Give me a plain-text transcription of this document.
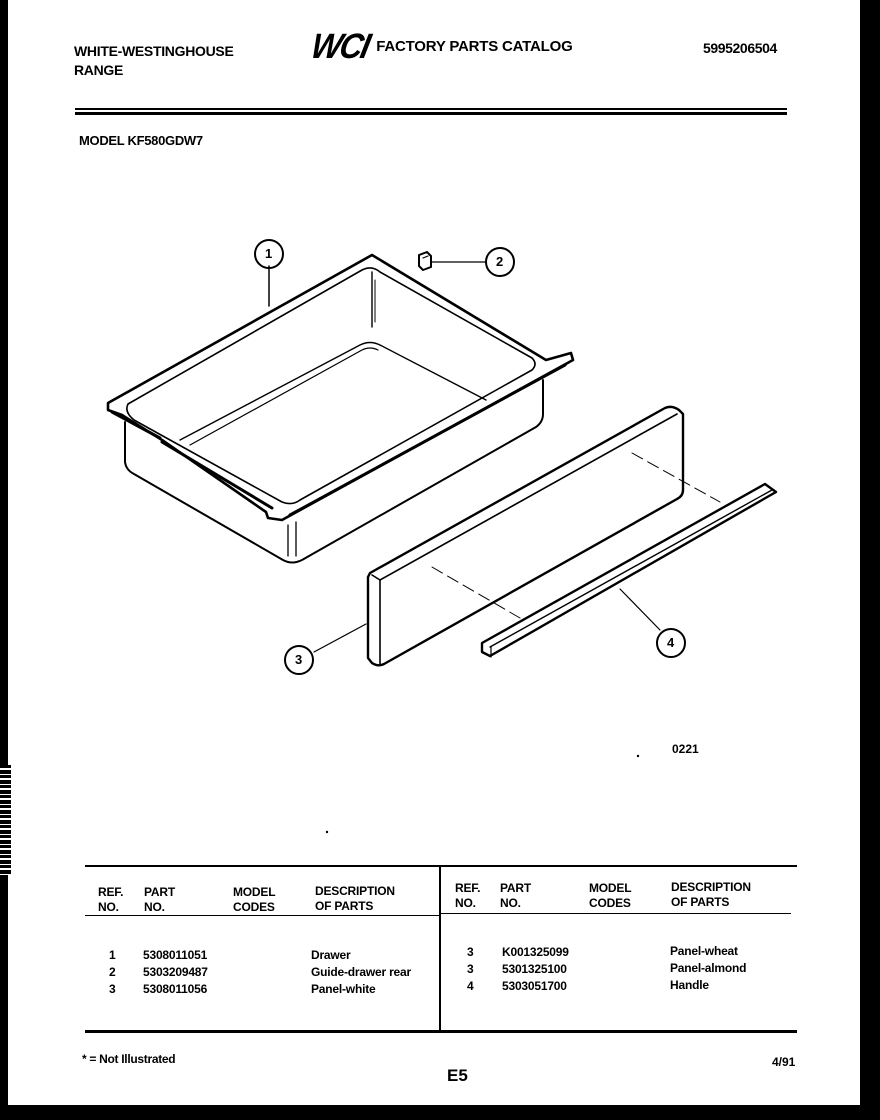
WHITE-WESTINGHOUSE
RANGE
WCI FACTORY PARTS CATALOG	5995206504
MODEL KF580GDW7
1
2
3
4
0221
REF.
NO.
PART
NO.
MODEL
CODES
DESCRIPTION
OF PARTS
REF.
NO.
PART
NO.
MODEL
CODES
DESCRIPTION
OF PARTS
1
2
3
5308011051
5303209487
5308011056
Drawer
Guide-drawer rear
Panel-white
3
3
4
K001325099
5301325100
5303051700
Panel-wheat
Panel-almond
Handle
* = Not Illustrated
E5
4/91
